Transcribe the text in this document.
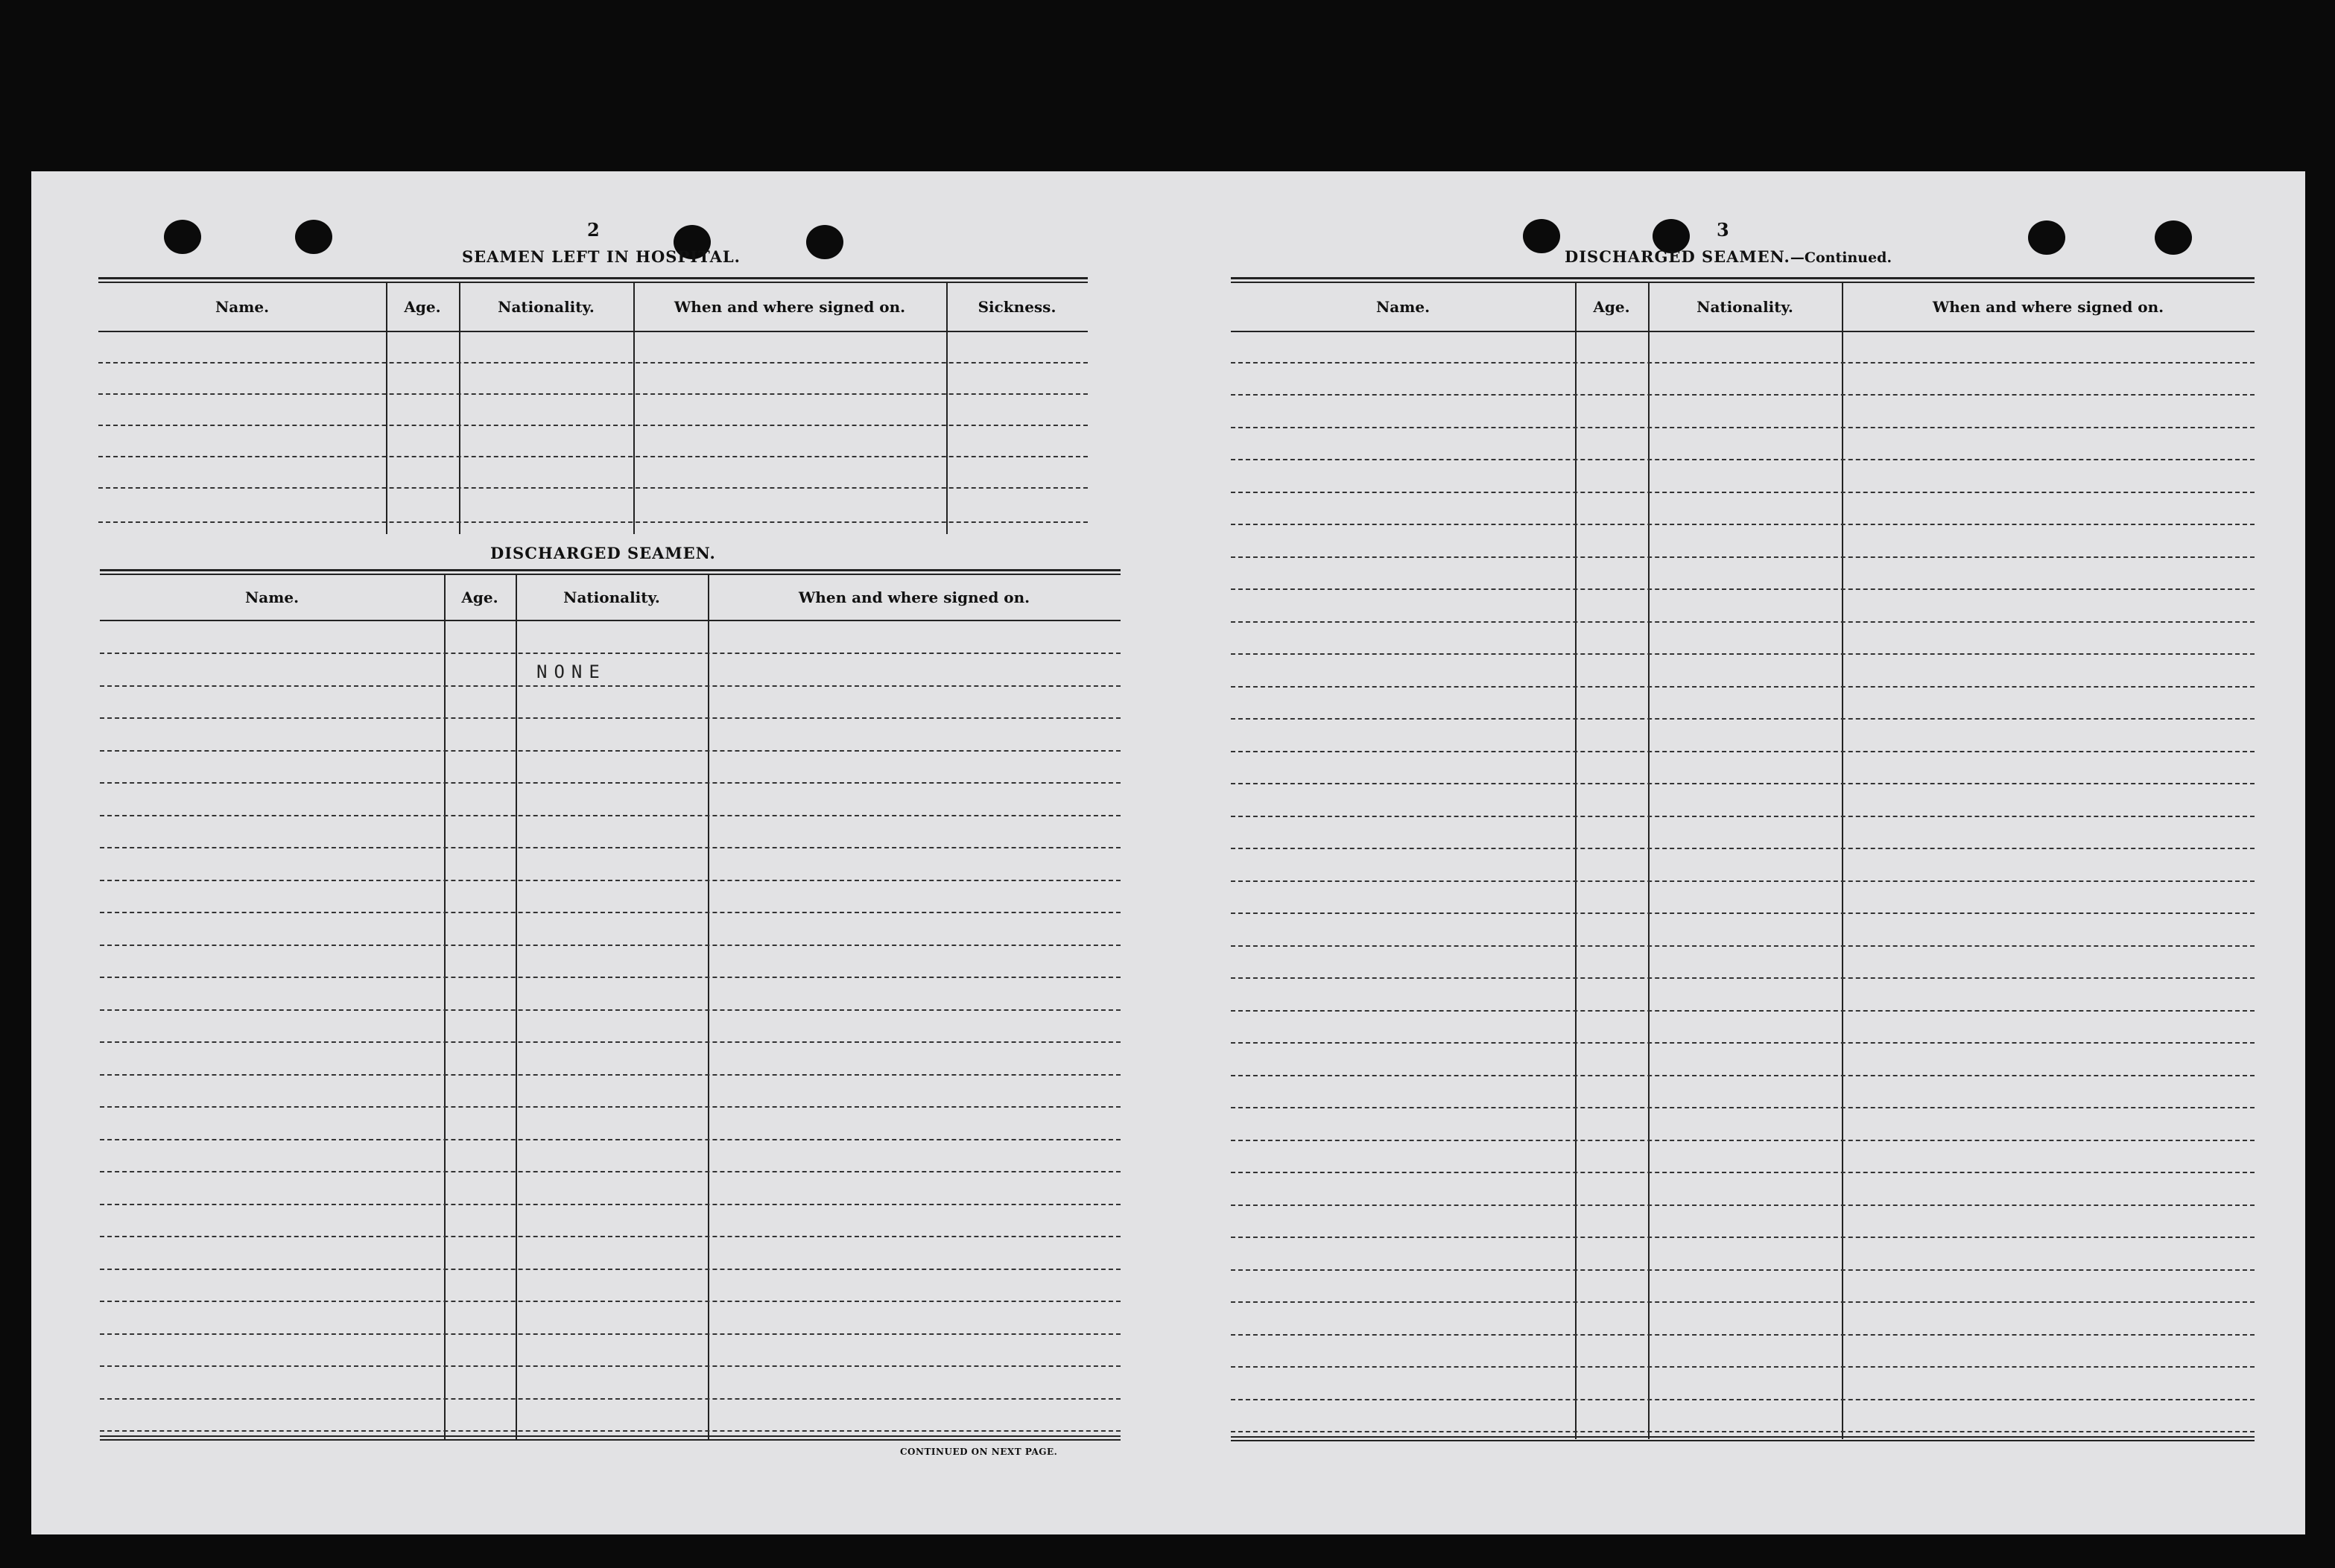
2
SEAMEN LEFT IN HOSPITAL.
Name.	Age.	Nationality.	When and where signed on.	Sickness.
DISCHARGED SEAMEN.
Name.	Age.	Nationality.	When and where signed on.
NONE
CONTINUED ON NEXT PAGE.
3
DISCHARGED SEAMEN.—Continued.
Name.	Age.	Nationality.	When and where signed on.
